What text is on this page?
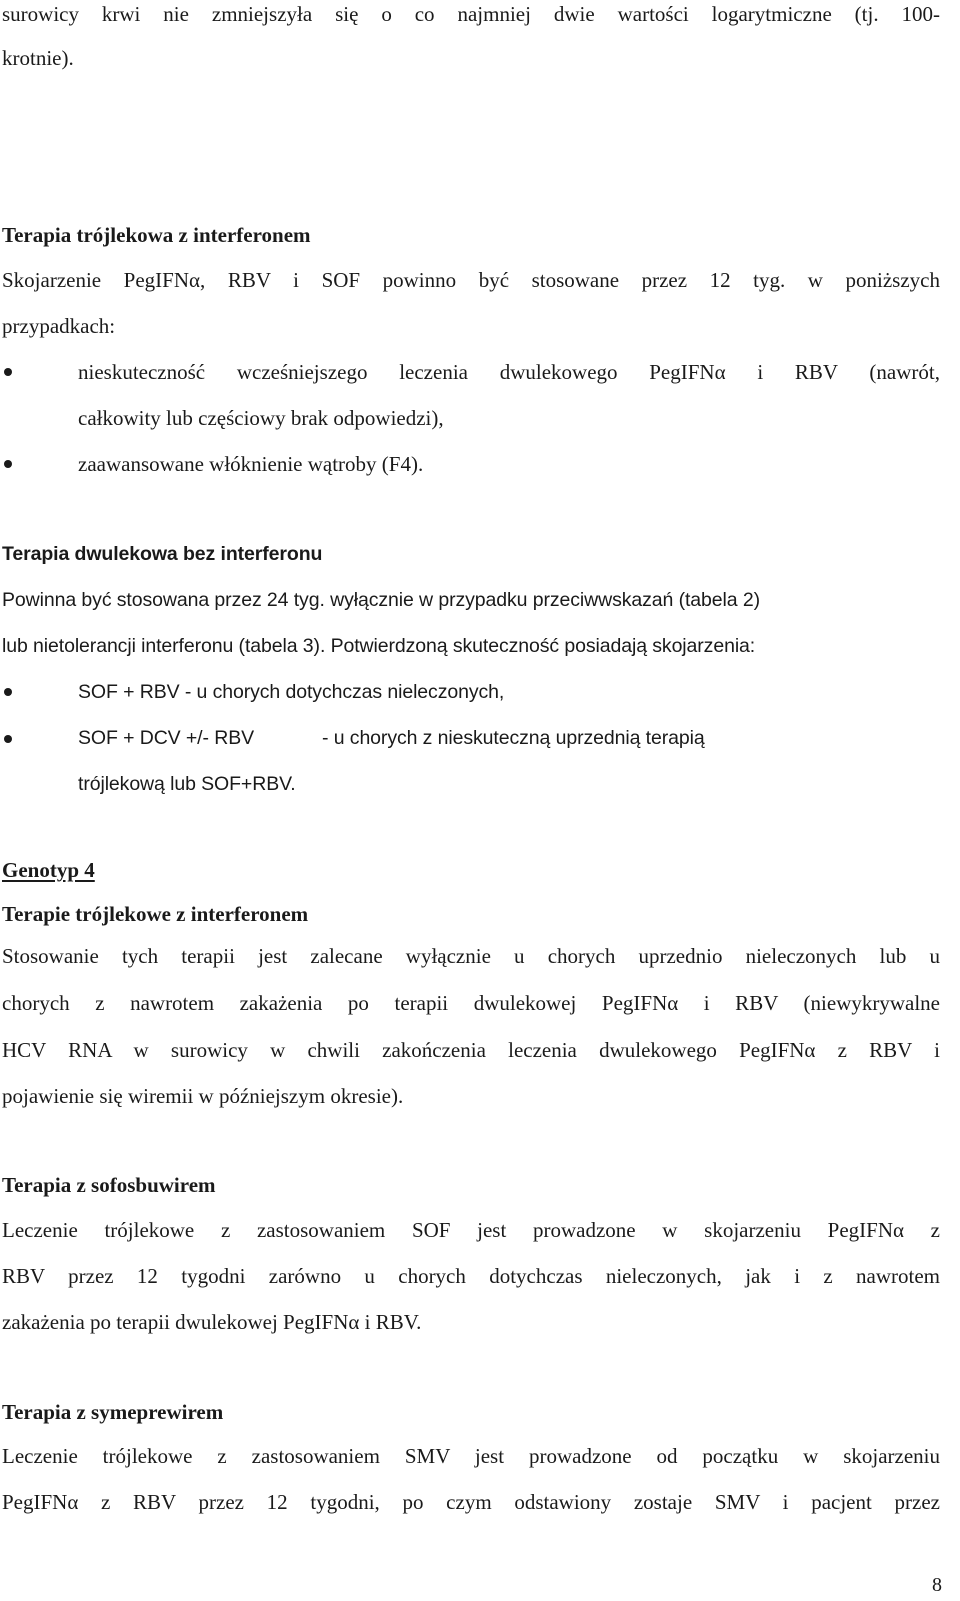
surowicy krwi nie zmniejszyła się o co najmniej dwie wartości logarytmiczne (tj. 100-
krotnie).
Terapia trójlekowa z interferonem
Skojarzenie PegIFNα, RBV i SOF powinno być stosowane przez 12 tyg. w poniższych
przypadkach:
nieskuteczność wcześniejszego leczenia dwulekowego PegIFNα i RBV (nawrót,
całkowity lub częściowy brak odpowiedzi),
zaawansowane włóknienie wątroby (F4).
Terapia dwulekowa bez interferonu
Powinna być stosowana przez 24 tyg. wyłącznie w przypadku przeciwwskazań (tabela 2)
lub nietolerancji interferonu (tabela 3). Potwierdzoną skuteczność posiadają skojarzenia:
SOF + RBV - u chorych dotychczas nieleczonych,
SOF + DCV +/- RBV	- u chorych z nieskuteczną uprzednią terapią
trójlekową lub SOF+RBV.
Genotyp 4
Terapie trójlekowe z interferonem
Stosowanie tych terapii jest zalecane wyłącznie u chorych uprzednio nieleczonych lub u
chorych z nawrotem zakażenia po terapii dwulekowej PegIFNα i RBV (niewykrywalne
HCV RNA w surowicy w chwili zakończenia leczenia dwulekowego PegIFNα z RBV i
pojawienie się wiremii w późniejszym okresie).
Terapia z sofosbuwirem
Leczenie trójlekowe z zastosowaniem SOF jest prowadzone w skojarzeniu PegIFNα z
RBV przez 12 tygodni zarówno u chorych dotychczas nieleczonych, jak i z nawrotem
zakażenia po terapii dwulekowej PegIFNα i RBV.
Terapia z symeprewirem
Leczenie trójlekowe z zastosowaniem SMV jest prowadzone od początku w skojarzeniu
PegIFNα z RBV przez 12 tygodni, po czym odstawiony zostaje SMV i pacjent przez
8
